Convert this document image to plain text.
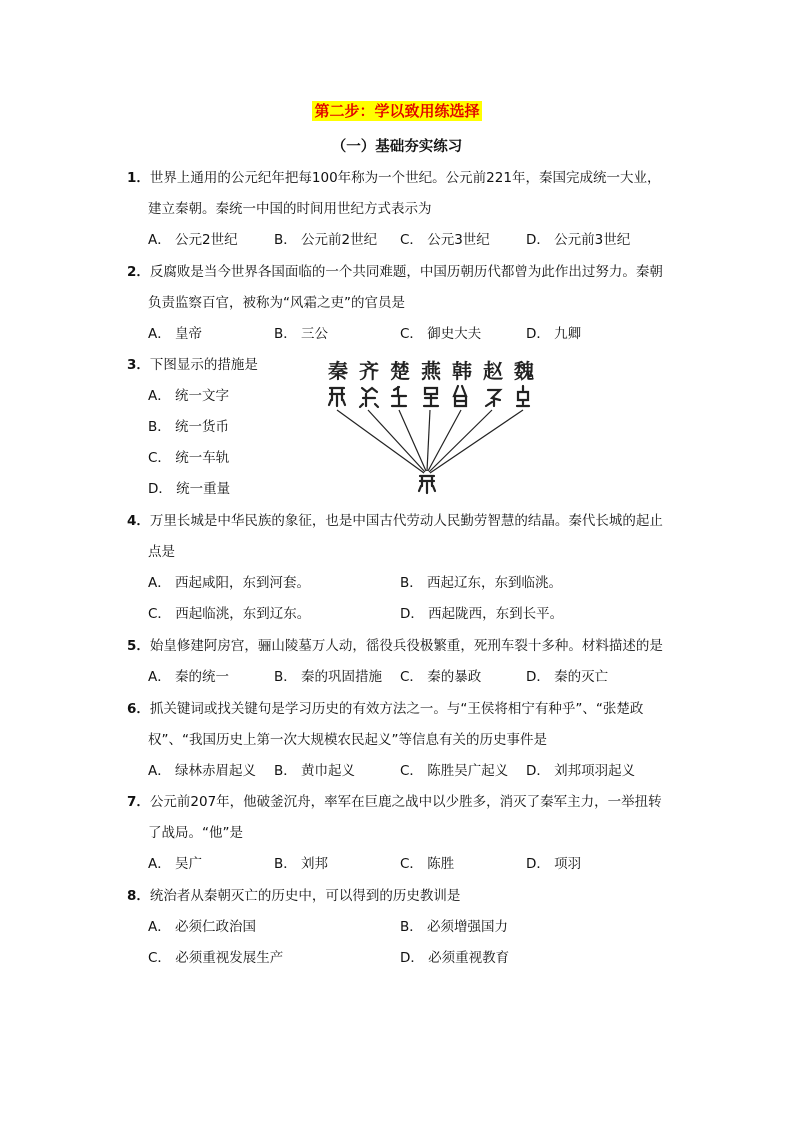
第二步：学以致用练选择
（一）基础夯实练习
1．世界上通用的公元纪年把每100年称为一个世纪。公元前221年，秦国完成统一大业，
建立秦朝。秦统一中国的时间用世纪方式表示为
A． 公元2世纪	B． 公元前2世纪 C． 公元3世纪	D． 公元前3世纪
2．反腐败是当今世界各国面临的一个共同难题，中国历朝历代都曾为此作出过努力。秦朝
负责监察百官，被称为“风霜之吏”的官员是
A． 皇帝	B． 三公	C． 御史大夫	D． 九卿
3．下图显示的措施是
A． 统一文字
B． 统一货币
C． 统一车轨
D． 统一重量
秦 齐 楚 燕 韩 赵 魏
4．万里长城是中华民族的象征，也是中国古代劳动人民勤劳智慧的结晶。秦代长城的起止
点是
A． 西起咸阳，东到河套。	B． 西起辽东，东到临洮。
C． 西起临洮，东到辽东。	D． 西起陇西，东到长平。
5．始皇修建阿房宫，骊山陵墓万人动，徭役兵役极繁重，死刑车裂十多种。材料描述的是
A． 秦的统一	B． 秦的巩固措施 C． 秦的暴政	D． 秦的灭亡
6．抓关键词或找关键句是学习历史的有效方法之一。与“王侯将相宁有种乎”、“张楚政
权”、“我国历史上第一次大规模农民起义”等信息有关的历史事件是
A． 绿林赤眉起义 B． 黄巾起义	C． 陈胜吴广起义 D． 刘邦项羽起义
7．公元前207年，他破釜沉舟，率军在巨鹿之战中以少胜多，消灭了秦军主力，一举扭转
了战局。“他”是
A． 吴广	B． 刘邦	C． 陈胜	D． 项羽
8．统治者从秦朝灭亡的历史中，可以得到的历史教训是
A． 必须仁政治国	B． 必须增强国力
C． 必须重视发展生产	D． 必须重视教育
